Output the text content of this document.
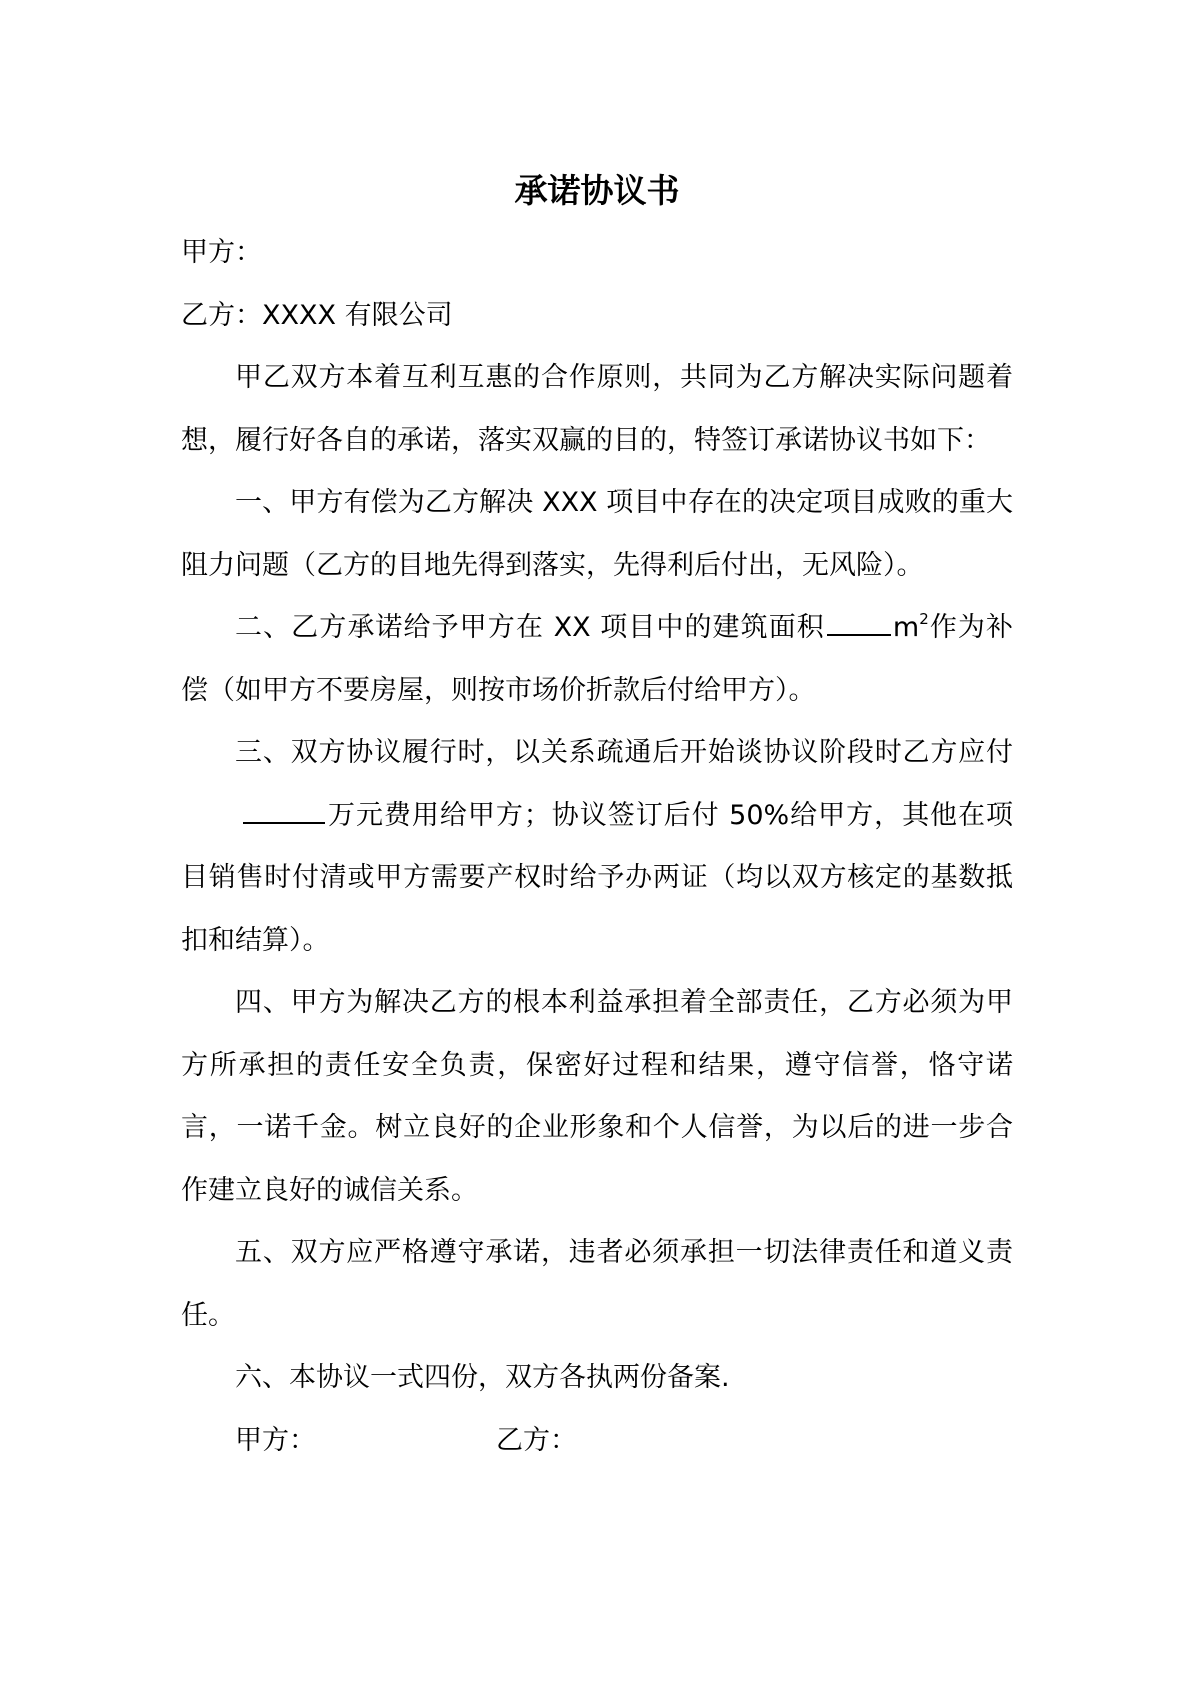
承诺协议书

甲方：

乙方：XXXX 有限公司

甲乙双方本着互利互惠的合作原则，共同为乙方解决实际问题着想，履行好各自的承诺，落实双赢的目的，特签订承诺协议书如下：

一、甲方有偿为乙方解决 XXX 项目中存在的决定项目成败的重大阻力问题（乙方的目地先得到落实，先得利后付出，无风险）。

二、乙方承诺给予甲方在 XX 项目中的建筑面积	$m^2$作为补偿（如甲方不要房屋，则按市场价折款后付给甲方）。

三、双方协议履行时，以关系疏通后开始谈协议阶段时乙方应付万元费用给甲方；协议签订后付 50%给甲方，其他在项目销售时付清或甲方需要产权时给予办两证（均以双方核定的基数抵扣和结算）。

四、甲方为解决乙方的根本利益承担着全部责任，乙方必须为甲方所承担的责任安全负责，保密好过程和结果，遵守信誉，恪守诺言，一诺千金。树立良好的企业形象和个人信誉，为以后的进一步合作建立良好的诚信关系。

五、双方应严格遵守承诺，违者必须承担一切法律责任和道义责任。

六、本协议一式四份，双方各执两份备案.

甲方：	乙方：
